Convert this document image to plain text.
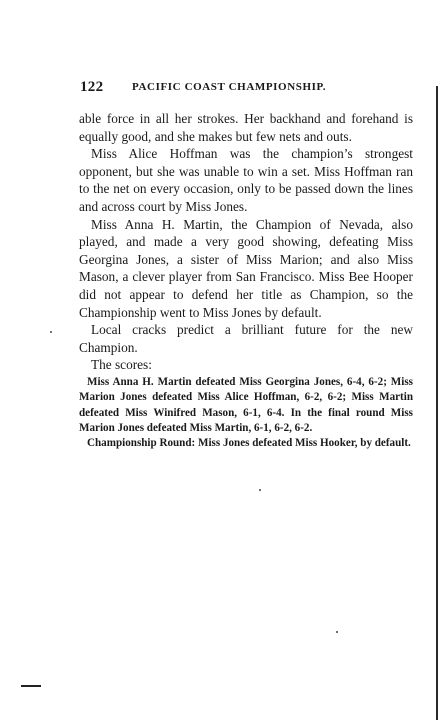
122	PACIFIC COAST CHAMPIONSHIP.

able force in all her strokes. Her backhand and forehand is equally good, and she makes but few nets and outs.

Miss Alice Hoffman was the champion’s strongest opponent, but she was unable to win a set. Miss Hoffman ran to the net on every occasion, only to be passed down the lines and across court by Miss Jones.

Miss Anna H. Martin, the Champion of Nevada, also played, and made a very good showing, defeating Miss Georgina Jones, a sister of Miss Marion; and also Miss Mason, a clever player from San Francisco. Miss Bee Hooper did not appear to defend her title as Champion, so the Championship went to Miss Jones by default.

Local cracks predict a brilliant future for the new Champion.

The scores:

Miss Anna H. Martin defeated Miss Georgina Jones, 6-4, 6-2; Miss Marion Jones defeated Miss Alice Hoffman, 6-2, 6-2; Miss Martin defeated Miss Winifred Mason, 6-1, 6-4. In the final round Miss Marion Jones defeated Miss Martin, 6-1, 6-2, 6-2.

Championship Round: Miss Jones defeated Miss Hooker, by default.
